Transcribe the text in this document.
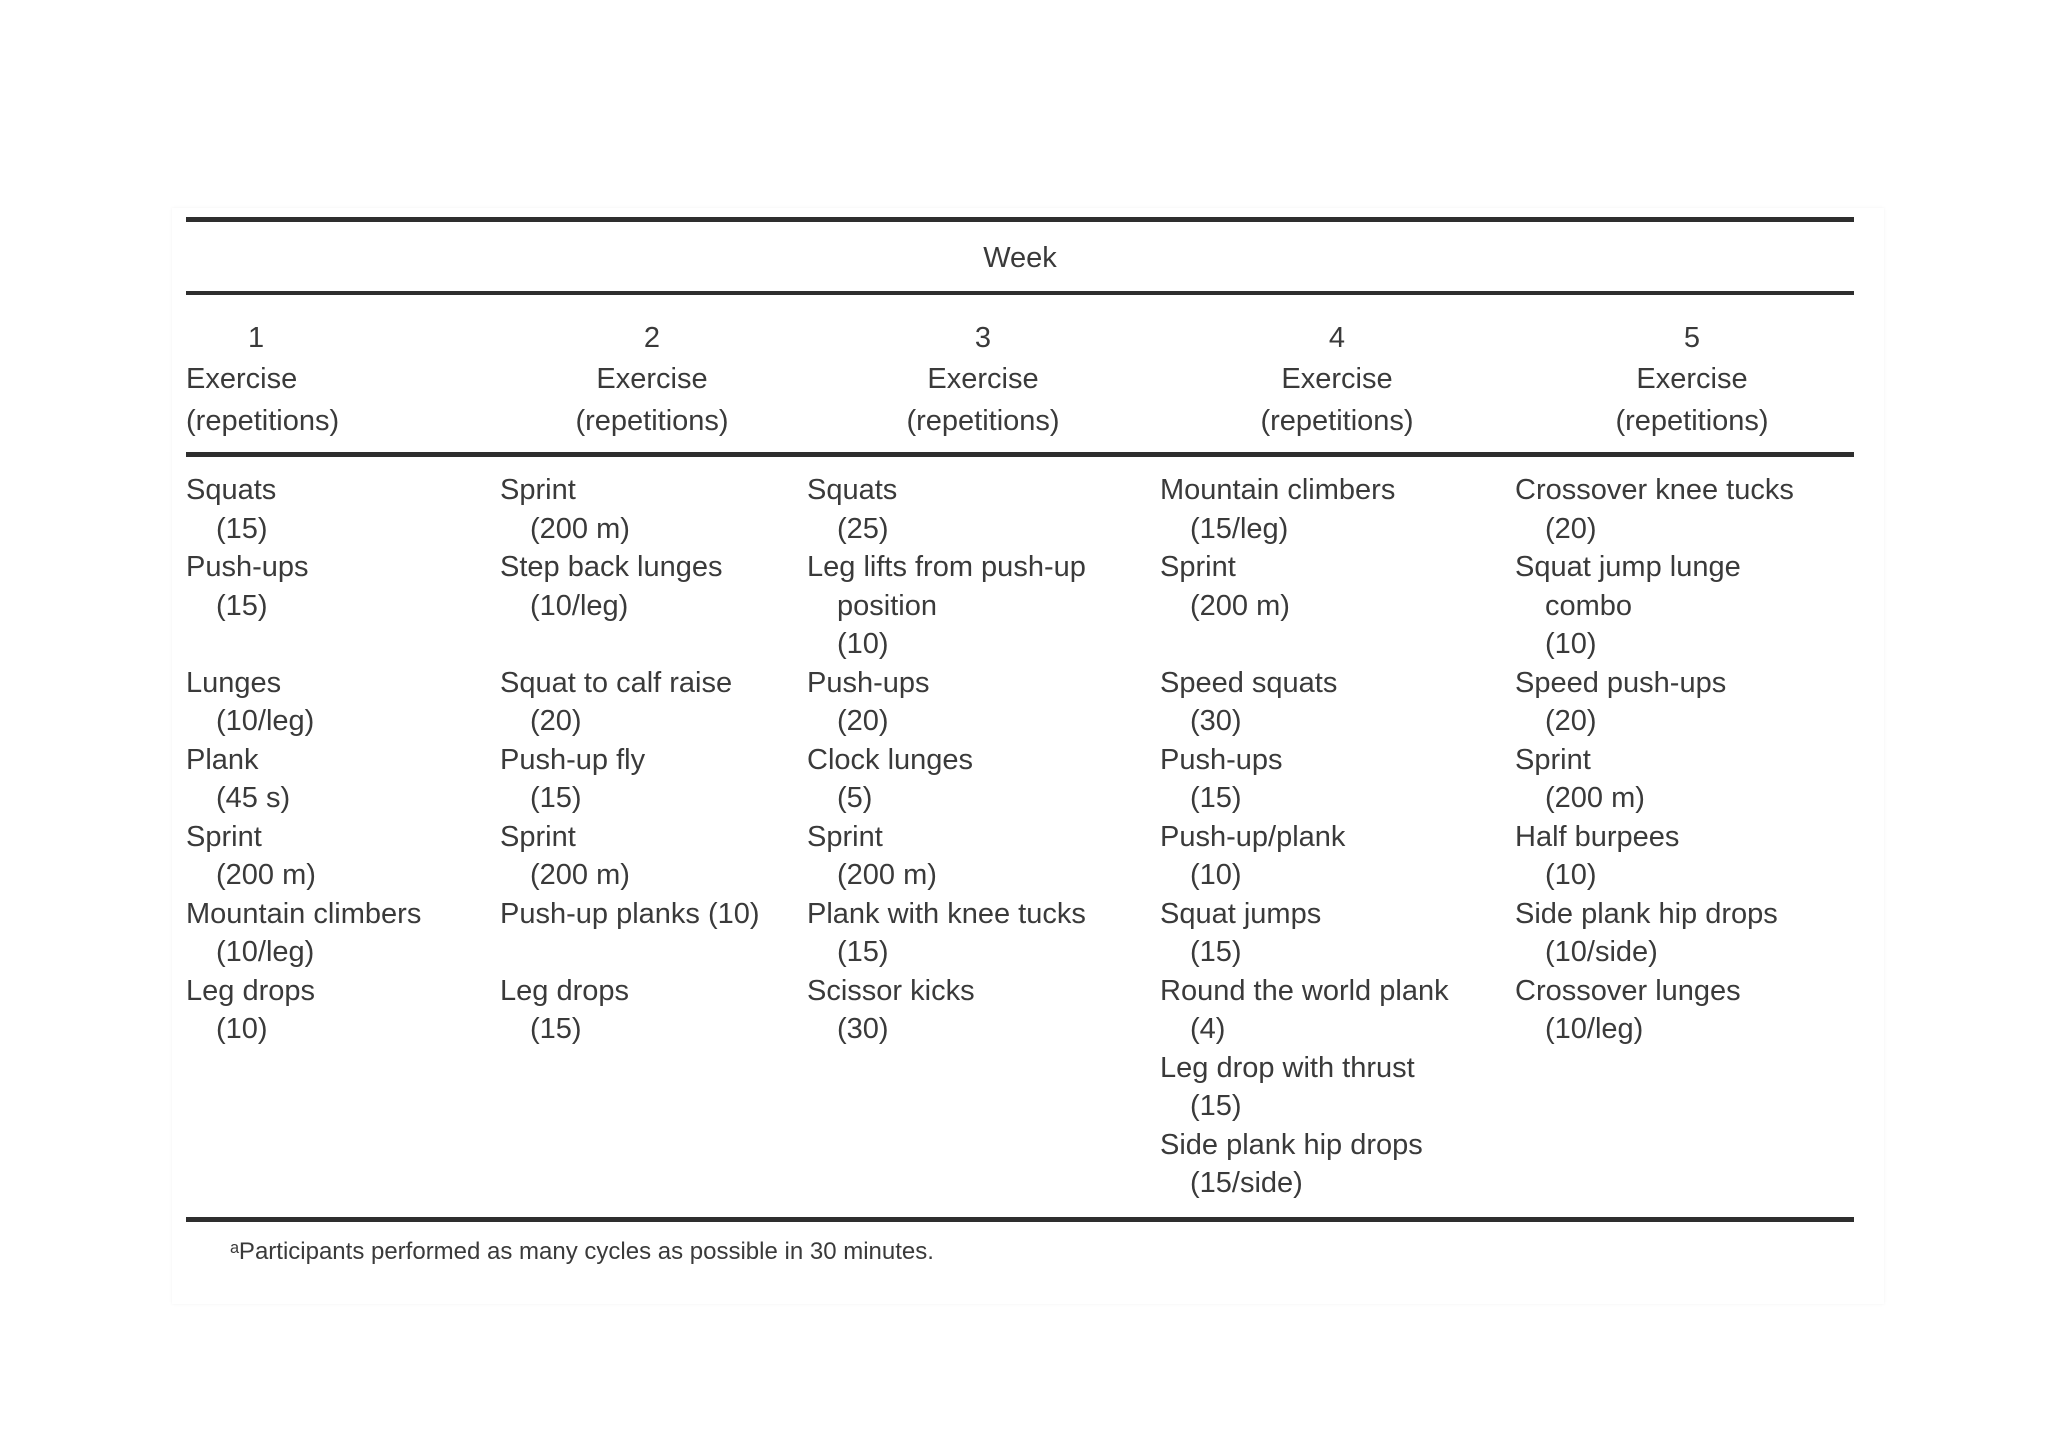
Week
1
Exercise
(repetitions)
2
Exercise
(repetitions)
3
Exercise
(repetitions)
4
Exercise
(repetitions)
5
Exercise
(repetitions)
Squats
(15)
Push-ups
(15)
Lunges
(10/leg)
Plank
(45 s)
Sprint
(200 m)
Mountain climbers
(10/leg)
Leg drops
(10)
Sprint
(200 m)
Step back lunges
(10/leg)
Squat to calf raise
(20)
Push-up fly
(15)
Sprint
(200 m)
Push-up planks (10)
Leg drops
(15)
Squats
(25)
Leg lifts from push-up
position
(10)
Push-ups
(20)
Clock lunges
(5)
Sprint
(200 m)
Plank with knee tucks
(15)
Scissor kicks
(30)
Mountain climbers
(15/leg)
Sprint
(200 m)
Speed squats
(30)
Push-ups
(15)
Push-up/plank
(10)
Squat jumps
(15)
Round the world plank
(4)
Leg drop with thrust
(15)
Side plank hip drops
(15/side)
Crossover knee tucks
(20)
Squat jump lunge
combo
(10)
Speed push-ups
(20)
Sprint
(200 m)
Half burpees
(10)
Side plank hip drops
(10/side)
Crossover lunges
(10/leg)
ᵃParticipants performed as many cycles as possible in 30 minutes.
